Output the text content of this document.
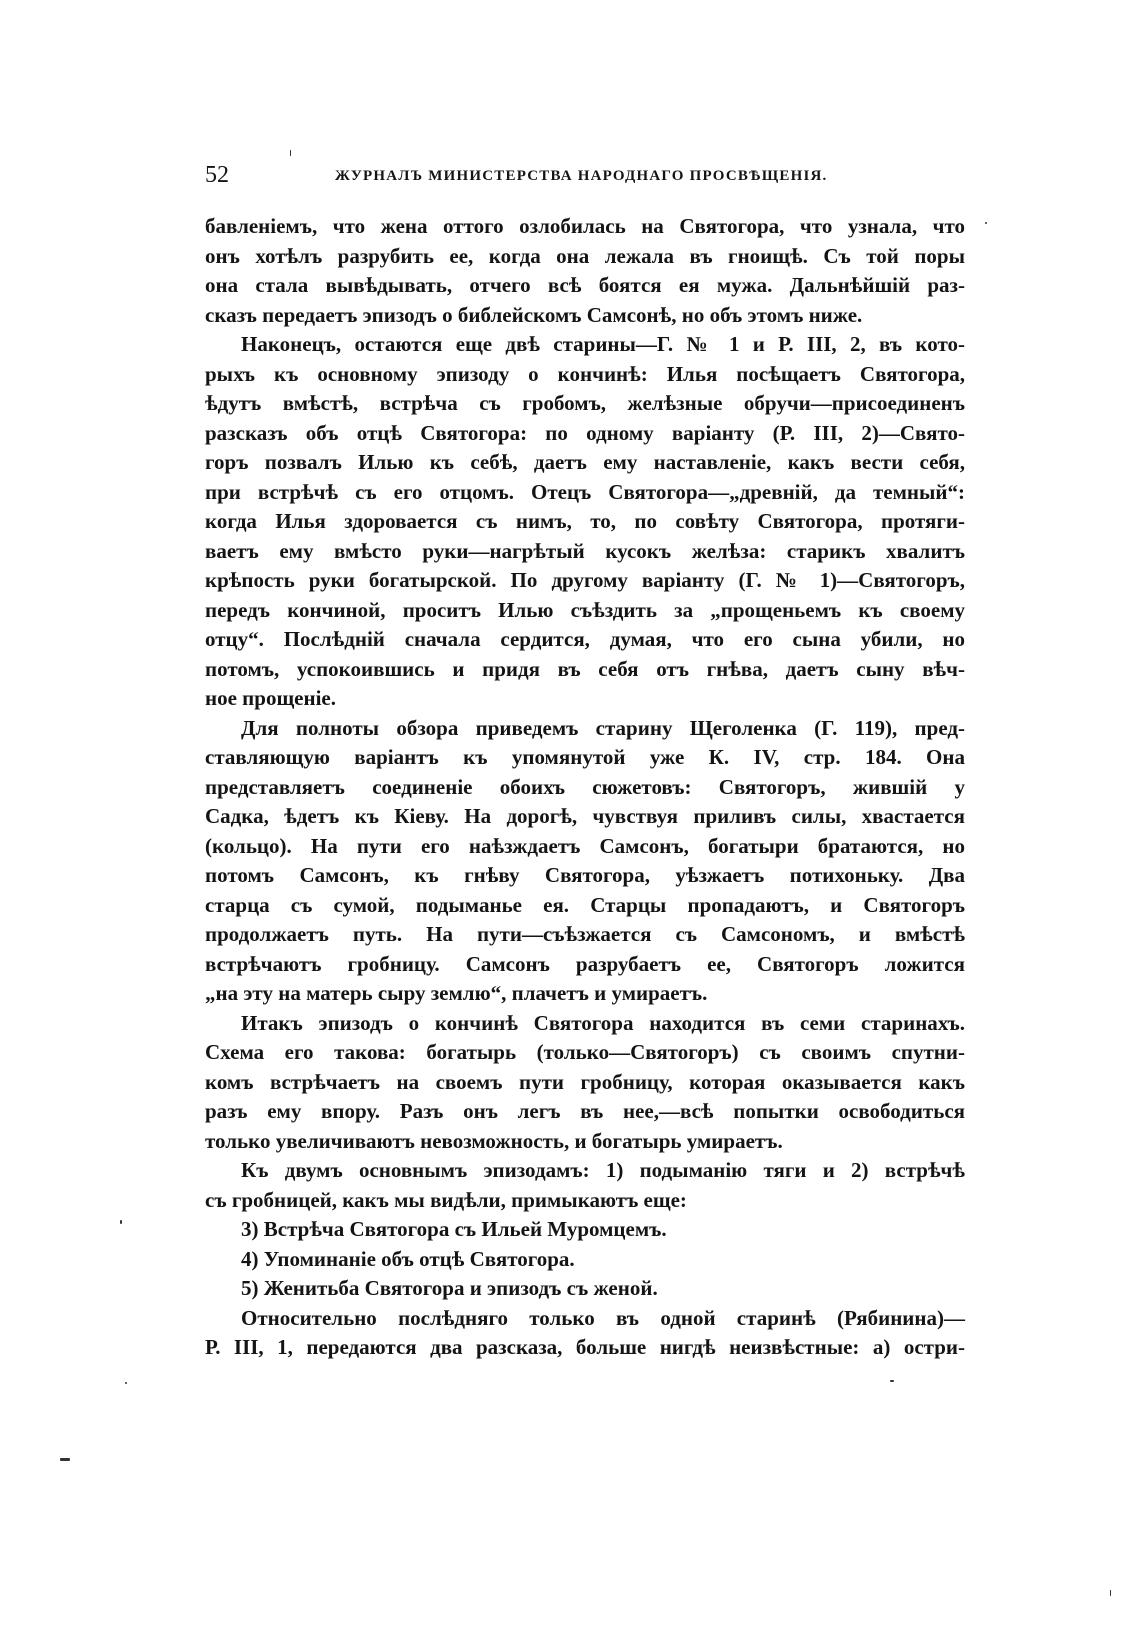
52	ЖУРНАЛЪ МИНИСТЕРСТВА НАРОДНАГО ПРОСВѢЩЕНІЯ.
бавленіемъ, что жена оттого озлобилась на Святогора, что узнала, что
онъ хотѣлъ разрубить ее, когда она лежала въ гноищѣ. Съ той поры
она стала вывѣдывать, отчего всѣ боятся ея мужа. Дальнѣйшій раз-
сказъ передаетъ эпизодъ о библейскомъ Самсонѣ, но объ этомъ ниже.
Наконецъ, остаются еще двѣ старины—Г. № 1 и Р. III, 2, въ кото-
рыхъ къ основному эпизоду о кончинѣ: Илья посѣщаетъ Святогора,
ѣдутъ вмѣстѣ, встрѣча съ гробомъ, желѣзные обручи—присоединенъ
разсказъ объ отцѣ Святогора: по одному варіанту (Р. III, 2)—Свято-
горъ позвалъ Илью къ себѣ, даетъ ему наставленіе, какъ вести себя,
при встрѣчѣ съ его отцомъ. Отецъ Святогора—„древній, да темный“:
когда Илья здоровается съ нимъ, то, по совѣту Святогора, протяги-
ваетъ ему вмѣсто руки—нагрѣтый кусокъ желѣза: старикъ хвалитъ
крѣпость руки богатырской. По другому варіанту (Г. № 1)—Святогоръ,
передъ кончиной, проситъ Илью съѣздить за „прощеньемъ къ своему
отцу“. Послѣдній сначала сердится, думая, что его сына убили, но
потомъ, успокоившись и придя въ себя отъ гнѣва, даетъ сыну вѣч-
ное прощеніе.
Для полноты обзора приведемъ старину Щеголенка (Г. 119), пред-
ставляющую варіантъ къ упомянутой уже К. IV, стр. 184. Она
представляетъ соединеніе обоихъ сюжетовъ: Святогоръ, жившій у
Садка, ѣдетъ къ Кіеву. На дорогѣ, чувствуя приливъ силы, хвастается
(кольцо). На пути его наѣзждаетъ Самсонъ, богатыри братаются, но
потомъ Самсонъ, къ гнѣву Святогора, уѣзжаетъ потихоньку. Два
старца съ сумой, подыманье ея. Старцы пропадаютъ, и Святогоръ
продолжаетъ путь. На пути—съѣзжается съ Самсономъ, и вмѣстѣ
встрѣчаютъ гробницу. Самсонъ разрубаетъ ее, Святогоръ ложится
„на эту на матерь сыру землю“, плачетъ и умираетъ.
Итакъ эпизодъ о кончинѣ Святогора находится въ семи старинахъ.
Схема его такова: богатырь (только—Святогоръ) съ своимъ спутни-
комъ встрѣчаетъ на своемъ пути гробницу, которая оказывается какъ
разъ ему впору. Разъ онъ легъ въ нее,—всѣ попытки освободиться
только увеличиваютъ невозможность, и богатырь умираетъ.
Къ двумъ основнымъ эпизодамъ: 1) подыманію тяги и 2) встрѣчѣ
съ гробницей, какъ мы видѣли, примыкаютъ еще:
3) Встрѣча Святогора съ Ильей Муромцемъ.
4) Упоминаніе объ отцѣ Святогора.
5) Женитьба Святогора и эпизодъ съ женой.
Относительно послѣдняго только въ одной старинѣ (Рябинина)—
Р. III, 1, передаются два разсказа, больше нигдѣ неизвѣстные: а) остри-
